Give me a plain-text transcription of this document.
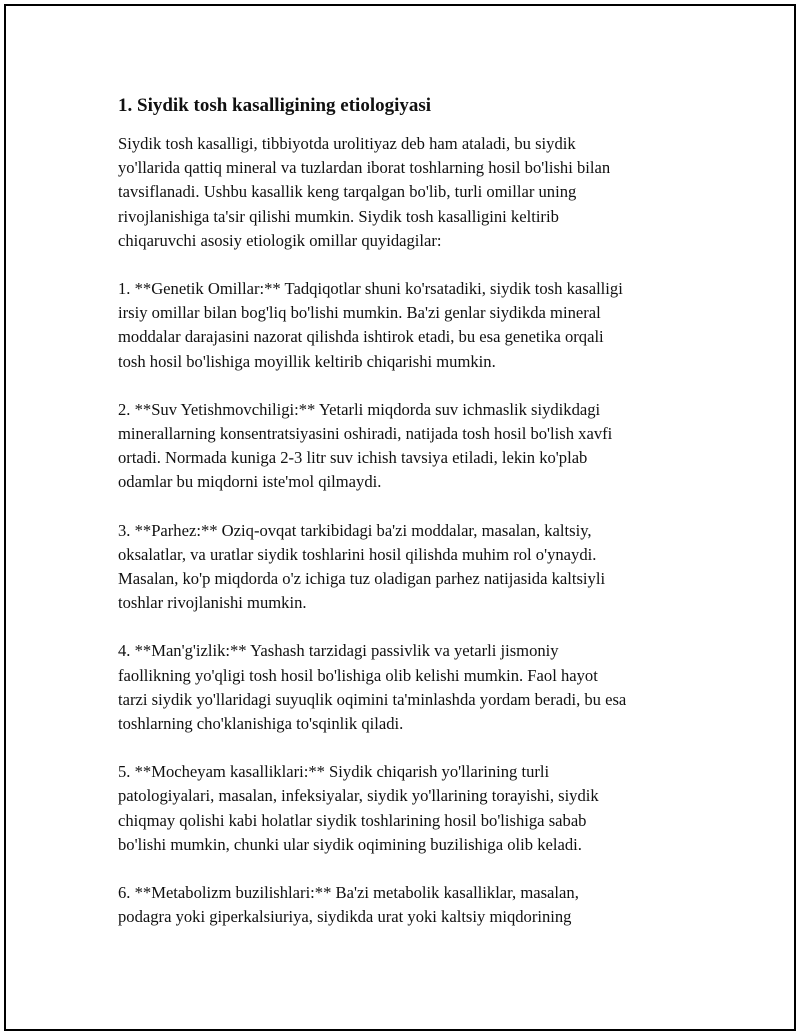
1. Siydik tosh kasalligining etiologiyasi

Siydik tosh kasalligi, tibbiyotda urolitiyaz deb ham ataladi, bu siydik
yo'llarida qattiq mineral va tuzlardan iborat toshlarning hosil bo'lishi bilan
tavsiflanadi. Ushbu kasallik keng tarqalgan bo'lib, turli omillar uning
rivojlanishiga ta'sir qilishi mumkin. Siydik tosh kasalligini keltirib
chiqaruvchi asosiy etiologik omillar quyidagilar:

1. **Genetik Omillar:** Tadqiqotlar shuni ko'rsatadiki, siydik tosh kasalligi
irsiy omillar bilan bog'liq bo'lishi mumkin. Ba'zi genlar siydikda mineral
moddalar darajasini nazorat qilishda ishtirok etadi, bu esa genetika orqali
tosh hosil bo'lishiga moyillik keltirib chiqarishi mumkin.

2. **Suv Yetishmovchiligi:** Yetarli miqdorda suv ichmaslik siydikdagi
minerallarning konsentratsiyasini oshiradi, natijada tosh hosil bo'lish xavfi
ortadi. Normada kuniga 2-3 litr suv ichish tavsiya etiladi, lekin ko'plab
odamlar bu miqdorni iste'mol qilmaydi.

3. **Parhez:** Oziq-ovqat tarkibidagi ba'zi moddalar, masalan, kaltsiy,
oksalatlar, va uratlar siydik toshlarini hosil qilishda muhim rol o'ynaydi.
Masalan, ko'p miqdorda o'z ichiga tuz oladigan parhez natijasida kaltsiyli
toshlar rivojlanishi mumkin.

4. **Man'g'izlik:** Yashash tarzidagi passivlik va yetarli jismoniy
faollikning yo'qligi tosh hosil bo'lishiga olib kelishi mumkin. Faol hayot
tarzi siydik yo'llaridagi suyuqlik oqimini ta'minlashda yordam beradi, bu esa
toshlarning cho'klanishiga to'sqinlik qiladi.

5. **Mocheyam kasalliklari:** Siydik chiqarish yo'llarining turli
patologiyalari, masalan, infeksiyalar, siydik yo'llarining torayishi, siydik
chiqmay qolishi kabi holatlar siydik toshlarining hosil bo'lishiga sabab
bo'lishi mumkin, chunki ular siydik oqimining buzilishiga olib keladi.

6. **Metabolizm buzilishlari:** Ba'zi metabolik kasalliklar, masalan,
podagra yoki giperkalsiuriya, siydikda urat yoki kaltsiy miqdorining
